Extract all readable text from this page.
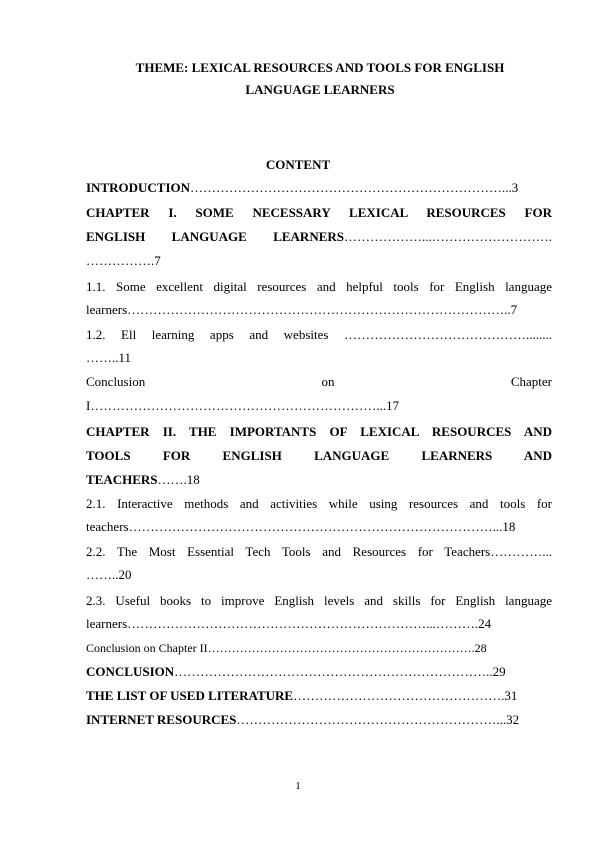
THEME: LEXICAL RESOURCES AND TOOLS FOR ENGLISH
LANGUAGE LEARNERS
CONTENT
INTRODUCTION………………………………………………………………...3
CHAPTER I. SOME NECESSARY LEXICAL RESOURCES FOR
ENGLISH LANGUAGE LEARNERS………………...……………………….
…………….7
1.1. Some excellent digital resources and helpful tools for English language
learners……………………………………………………………………………..7
1.2. Ell learning apps and websites ……………………………………........
……..11
Conclusion on Chapter
I…………………………………………………………...17
CHAPTER II. THE IMPORTANTS OF LEXICAL RESOURCES AND
TOOLS FOR ENGLISH LANGUAGE LEARNERS AND
TEACHERS…….18
2.1. Interactive methods and activities while using resources and tools for
teachers…………………………………………………………………………...18
2.2. The Most Essential Tech Tools and Resources for Teachers…………...
……..20
2.3. Useful books to improve English levels and skills for English language
learners……………………………………………………………...……….24
Conclusion on Chapter II………………………………………………………….28
CONCLUSION………………………………………………………………..29
THE LIST OF USED LITERATURE………………………………………….31
INTERNET RESOURCES……………………………………………………...32
1
